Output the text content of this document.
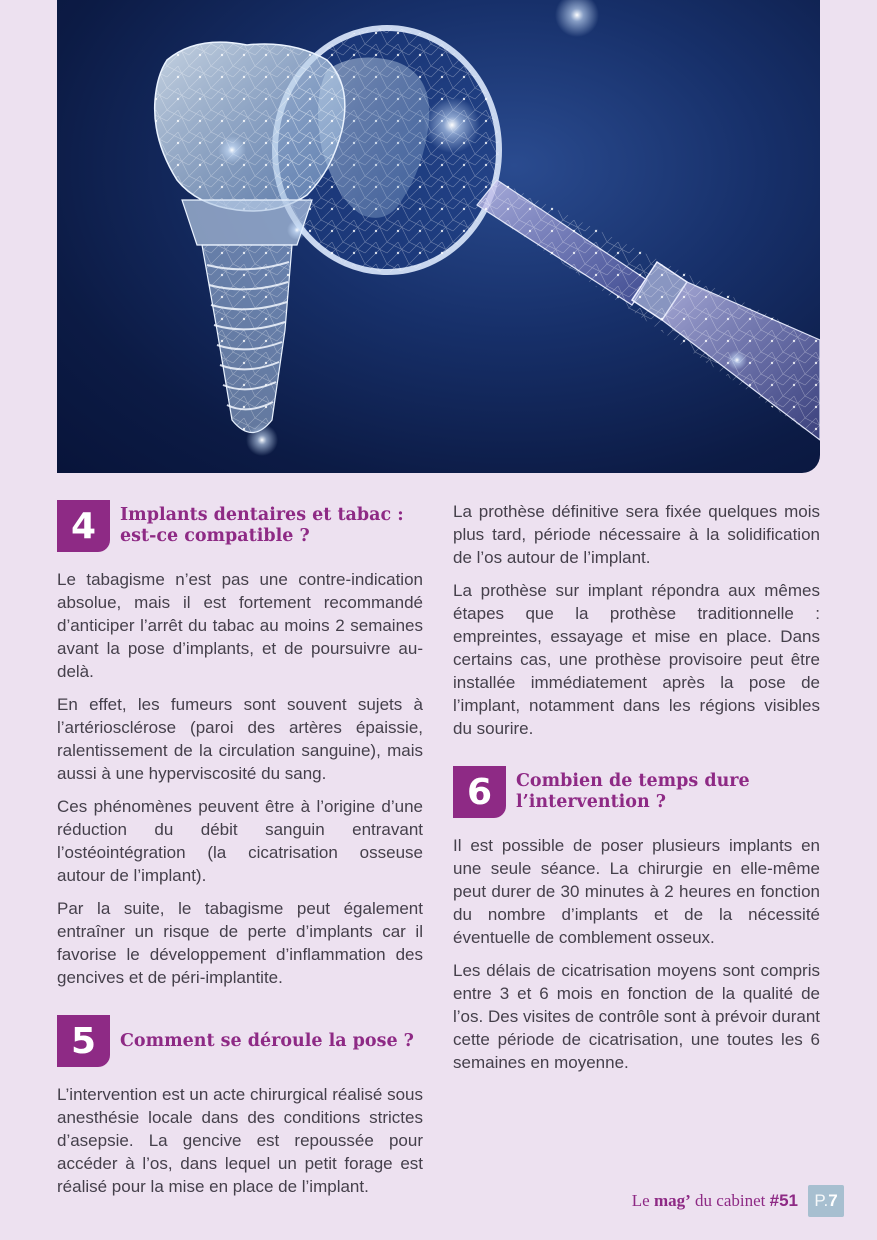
4	Implants dentaires et tabac :
est-ce compatible ?

Le tabagisme n’est pas une contre-indication absolue, mais il est fortement recommandé d’anticiper l’arrêt du tabac au moins 2 semaines avant la pose d’implants, et de poursuivre au-delà.

En effet, les fumeurs sont souvent sujets à l’artériosclérose (paroi des artères épaissie, ralentissement de la circulation sanguine), mais aussi à une hyperviscosité du sang.

Ces phénomènes peuvent être à l’origine d’une réduction du débit sanguin entravant l’ostéointégration (la cicatrisation osseuse autour de l’implant).

Par la suite, le tabagisme peut également entraîner un risque de perte d’implants car il favorise le développement d’inflammation des gencives et de péri-implantite.

5	Comment se déroule la pose ?

L’intervention est un acte chirurgical réalisé sous anesthésie locale dans des conditions strictes d’asepsie. La gencive est repoussée pour accéder à l’os, dans lequel un petit forage est réalisé pour la mise en place de l’implant.

La prothèse définitive sera fixée quelques mois plus tard, période nécessaire à la solidification de l’os autour de l’implant.

La prothèse sur implant répondra aux mêmes étapes que la prothèse traditionnelle : empreintes, essayage et mise en place. Dans certains cas, une prothèse provisoire peut être installée immédiatement après la pose de l’implant, notamment dans les régions visibles du sourire.

6	Combien de temps dure
l’intervention ?

Il est possible de poser plusieurs implants en une seule séance. La chirurgie en elle-même peut durer de 30 minutes à 2 heures en fonction du nombre d’implants et de la nécessité éventuelle de comblement osseux.

Les délais de cicatrisation moyens sont compris entre 3 et 6 mois en fonction de la qualité de l’os. Des visites de contrôle sont à prévoir durant cette période de cicatrisation, une toutes les 6 semaines en moyenne.

Le mag’ du cabinet #51 P. 7
